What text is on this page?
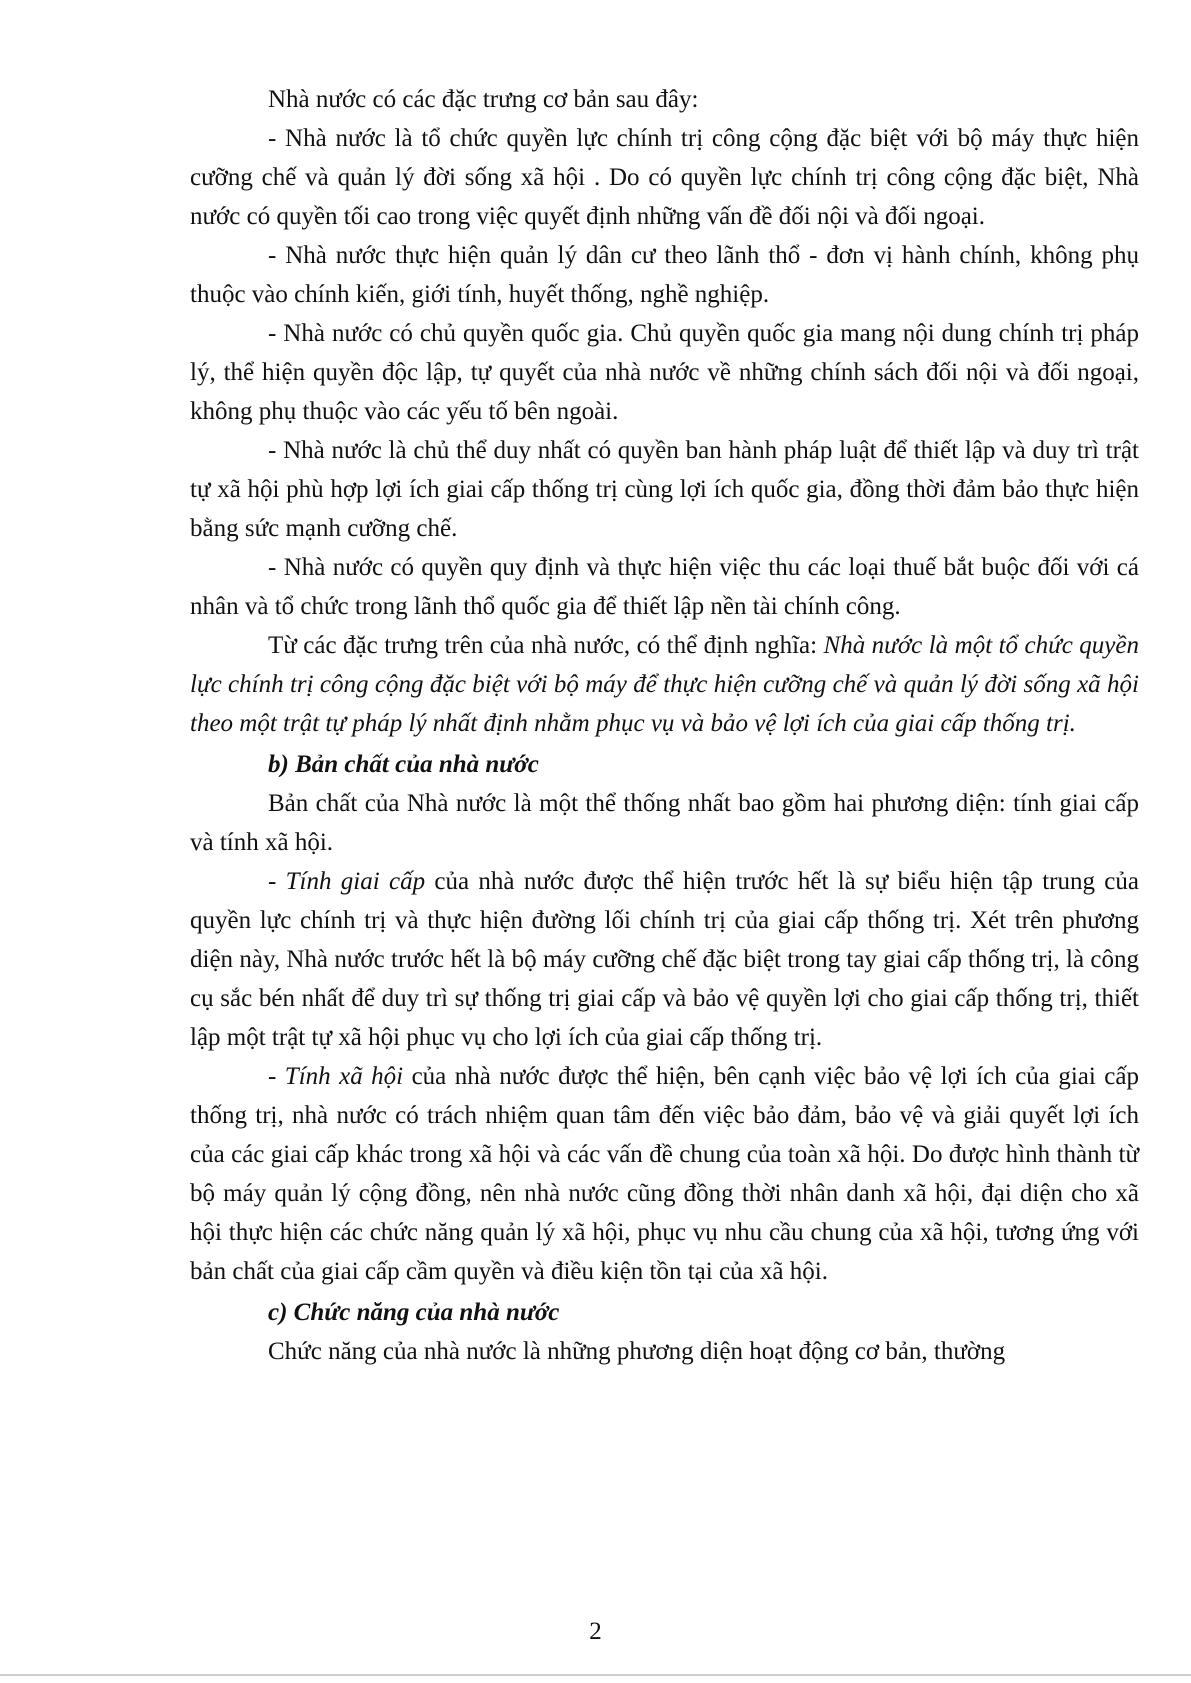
Nhà nước có các đặc trưng cơ bản sau đây:

- Nhà nước là tổ chức quyền lực chính trị công cộng đặc biệt với bộ máy thực hiện cưỡng chế và quản lý đời sống xã hội . Do có quyền lực chính trị công cộng đặc biệt, Nhà nước có quyền tối cao trong việc quyết định những vấn đề đối nội và đối ngoại.

- Nhà nước thực hiện quản lý dân cư theo lãnh thổ - đơn vị hành chính, không phụ thuộc vào chính kiến, giới tính, huyết thống, nghề nghiệp.

- Nhà nước có chủ quyền quốc gia. Chủ quyền quốc gia mang nội dung chính trị pháp lý, thể hiện quyền độc lập, tự quyết của nhà nước về những chính sách đối nội và đối ngoại, không phụ thuộc vào các yếu tố bên ngoài.

- Nhà nước là chủ thể duy nhất có quyền ban hành pháp luật để thiết lập và duy trì trật tự xã hội phù hợp lợi ích giai cấp thống trị cùng lợi ích quốc gia, đồng thời đảm bảo thực hiện bằng sức mạnh cưỡng chế.

- Nhà nước có quyền quy định và thực hiện việc thu các loại thuế bắt buộc đối với cá nhân và tổ chức trong lãnh thổ quốc gia để thiết lập nền tài chính công.

Từ các đặc trưng trên của nhà nước, có thể định nghĩa: Nhà nước là một tổ chức quyền lực chính trị công cộng đặc biệt với bộ máy để thực hiện cưỡng chế và quản lý đời sống xã hội theo một trật tự pháp lý nhất định nhằm phục vụ và bảo vệ lợi ích của giai cấp thống trị.

b) Bản chất của nhà nước

Bản chất của Nhà nước là một thể thống nhất bao gồm hai phương diện: tính giai cấp và tính xã hội.

- Tính giai cấp của nhà nước được thể hiện trước hết là sự biểu hiện tập trung của quyền lực chính trị và thực hiện đường lối chính trị của giai cấp thống trị. Xét trên phương diện này, Nhà nước trước hết là bộ máy cưỡng chế đặc biệt trong tay giai cấp thống trị, là công cụ sắc bén nhất để duy trì sự thống trị giai cấp và bảo vệ quyền lợi cho giai cấp thống trị, thiết lập một trật tự xã hội phục vụ cho lợi ích của giai cấp thống trị.

- Tính xã hội của nhà nước được thể hiện, bên cạnh việc bảo vệ lợi ích của giai cấp thống trị, nhà nước có trách nhiệm quan tâm đến việc bảo đảm, bảo vệ và giải quyết lợi ích của các giai cấp khác trong xã hội và các vấn đề chung của toàn xã hội. Do được hình thành từ bộ máy quản lý cộng đồng, nên nhà nước cũng đồng thời nhân danh xã hội, đại diện cho xã hội thực hiện các chức năng quản lý xã hội, phục vụ nhu cầu chung của xã hội, tương ứng với bản chất của giai cấp cầm quyền và điều kiện tồn tại của xã hội.

c) Chức năng của nhà nước

Chức năng của nhà nước là những phương diện hoạt động cơ bản, thường

2
